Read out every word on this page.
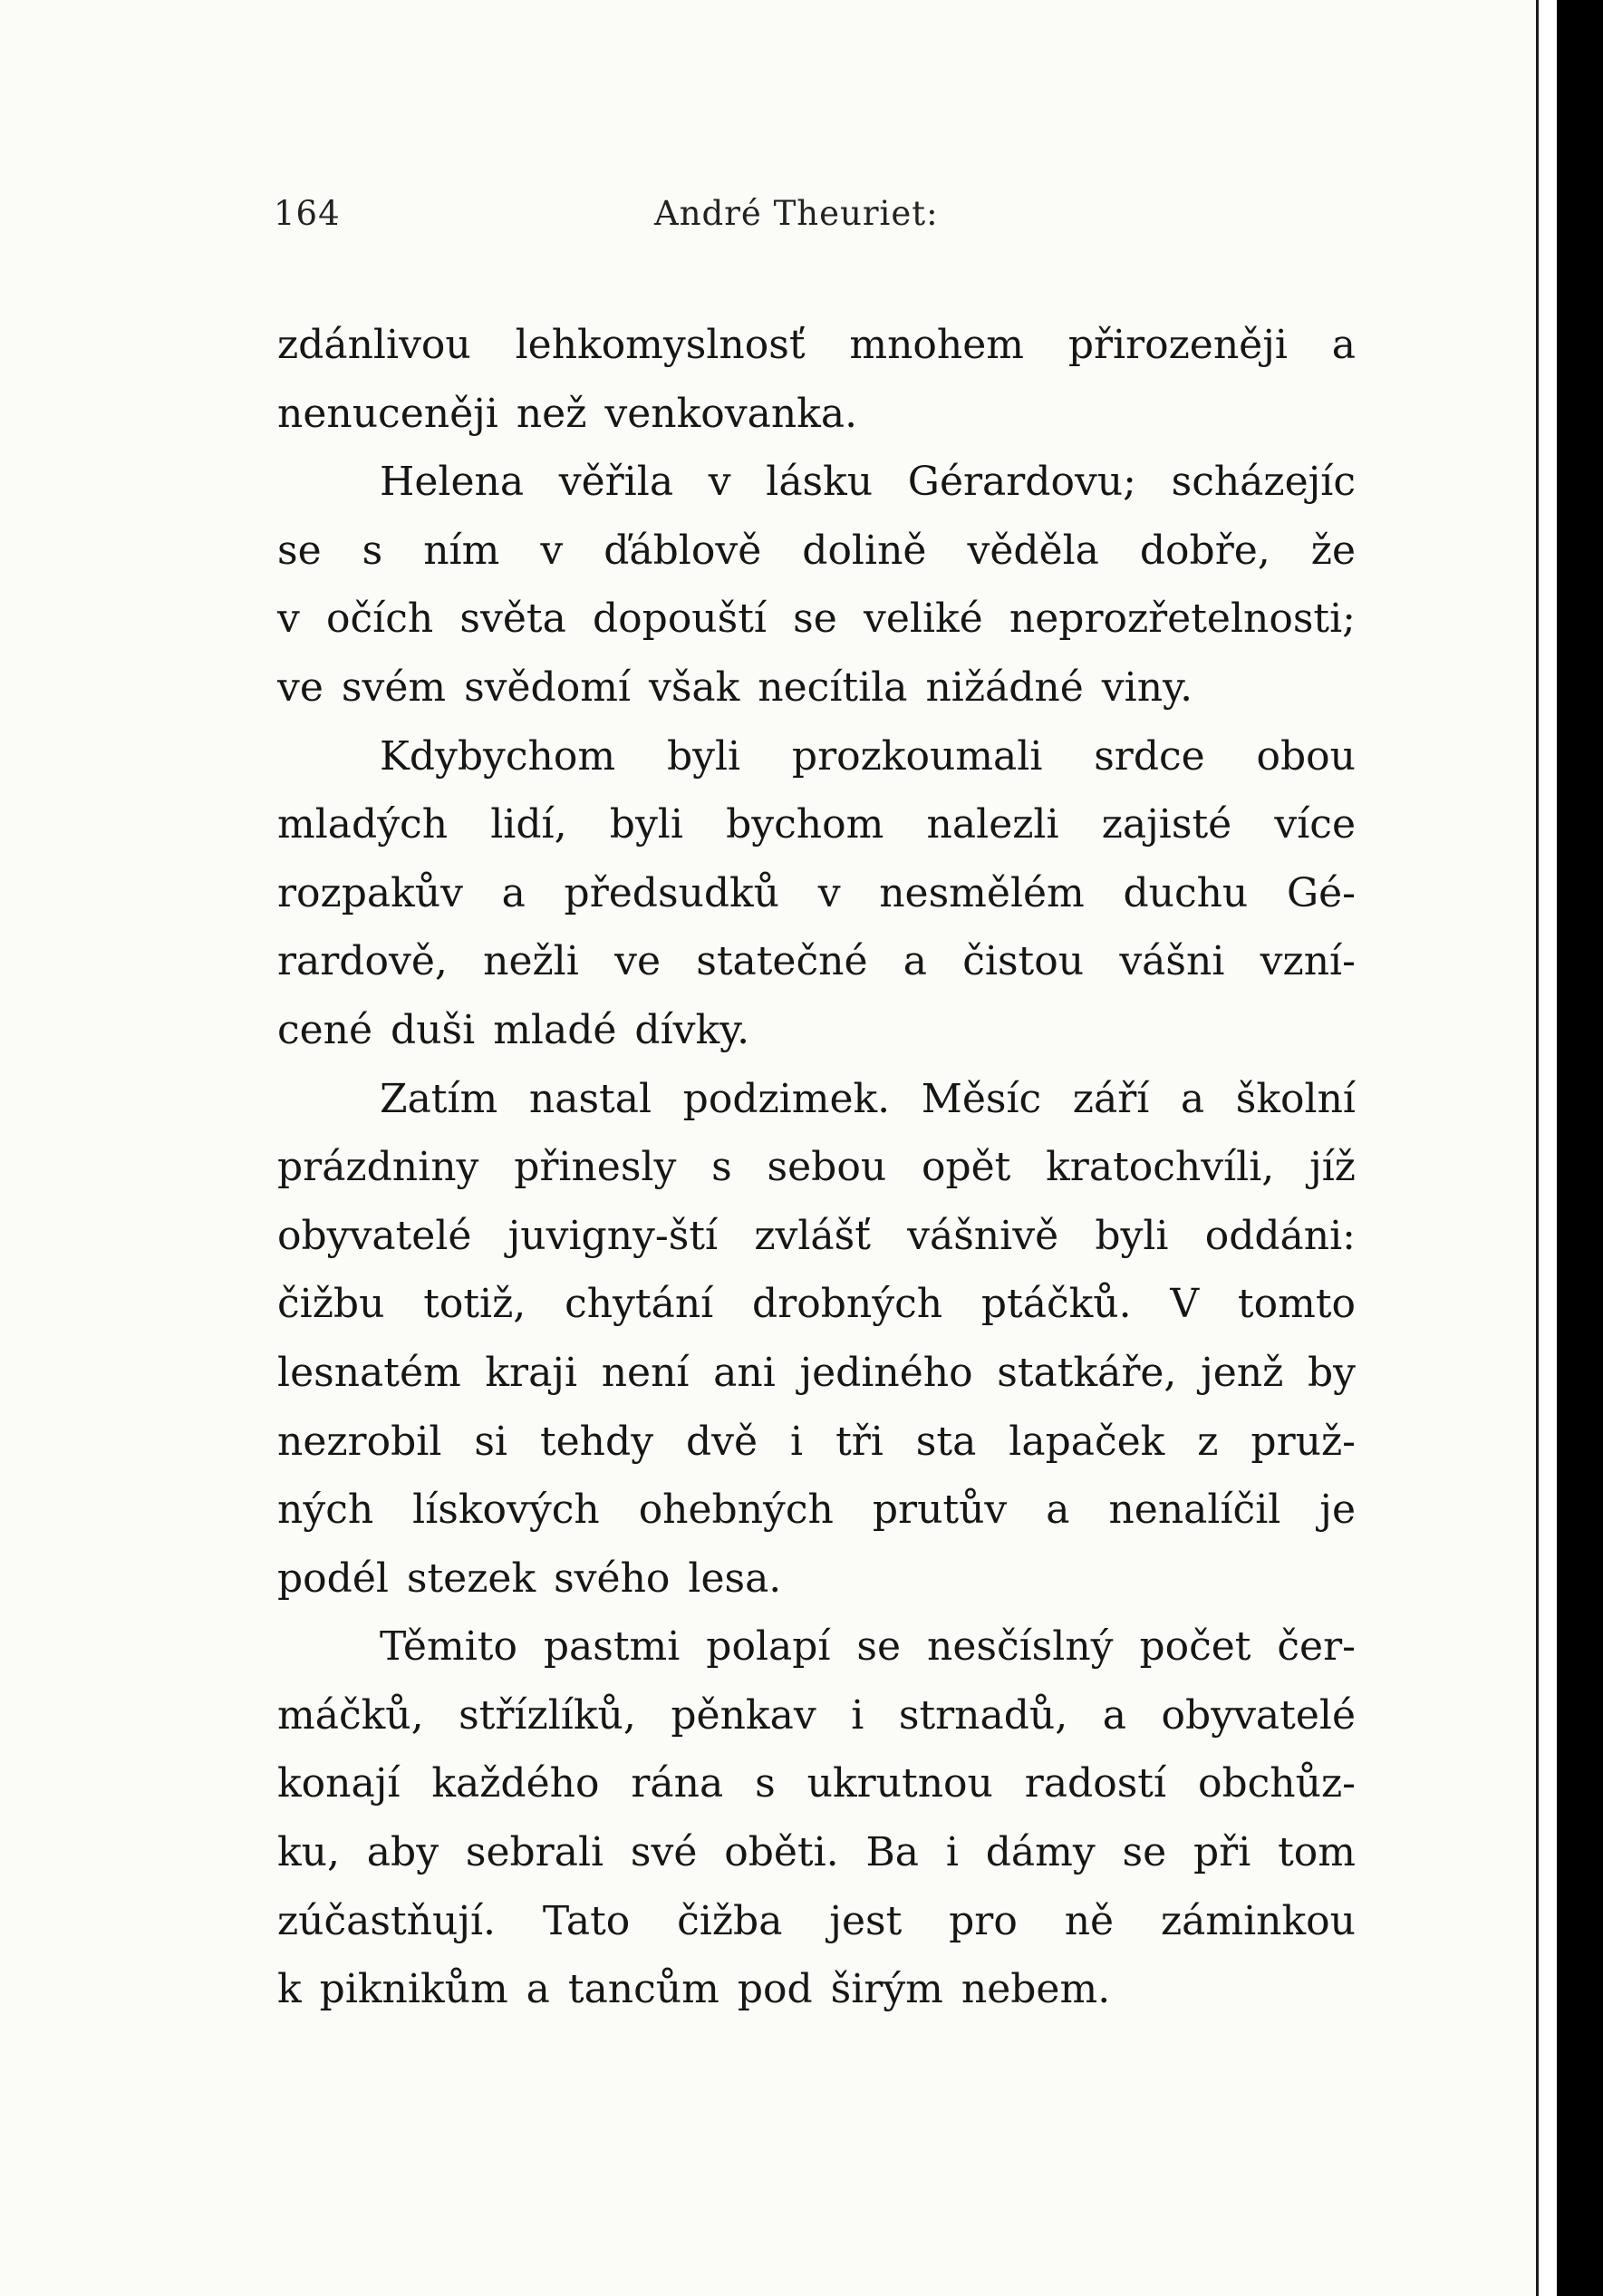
164	André Theuriet:
zdánlivou lehkomyslnosť mnohem přirozeněji a
nenuceněji než venkovanka.
Helena věřila v lásku Gérardovu; scházejíc
se s ním v ďáblově dolině věděla dobře, že
v očích světa dopouští se veliké neprozřetelnosti;
ve svém svědomí však necítila nižádné viny.
Kdybychom byli prozkoumali srdce obou
mladých lidí, byli bychom nalezli zajisté více
rozpakův a předsudků v nesmělém duchu Gé-
rardově, nežli ve statečné a čistou vášni vzní-
cené duši mladé dívky.
Zatím nastal podzimek. Měsíc září a školní
prázdniny přinesly s sebou opět kratochvíli, jíž
obyvatelé juvigny-ští zvlášť vášnivě byli oddáni:
čižbu totiž, chytání drobných ptáčků. V tomto
lesnatém kraji není ani jediného statkáře, jenž by
nezrobil si tehdy dvě i tři sta lapaček z pruž-
ných lískových ohebných prutův a nenalíčil je
podél stezek svého lesa.
Těmito pastmi polapí se nesčíslný počet čer-
máčků, střízlíků, pěnkav i strnadů, a obyvatelé
konají každého rána s ukrutnou radostí obchůz-
ku, aby sebrali své oběti. Ba i dámy se při tom
zúčastňují. Tato čižba jest pro ně záminkou
k piknikům a tancům pod širým nebem.
